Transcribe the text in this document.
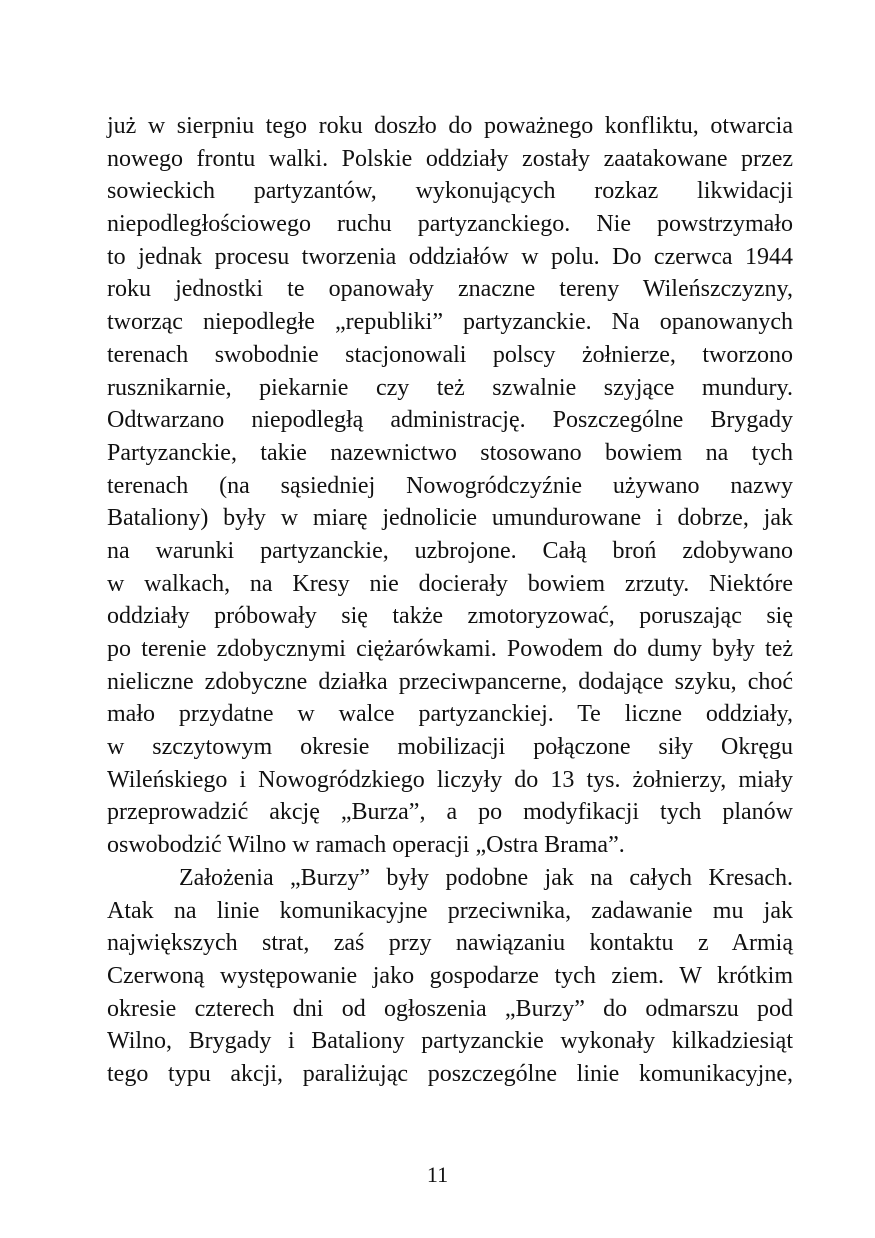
już w sierpniu tego roku doszło do poważnego konfliktu, otwarcia
nowego frontu walki. Polskie oddziały zostały zaatakowane przez
sowieckich partyzantów, wykonujących rozkaz likwidacji
niepodległościowego ruchu partyzanckiego. Nie powstrzymało
to jednak procesu tworzenia oddziałów w polu. Do czerwca 1944
roku jednostki te opanowały znaczne tereny Wileńszczyzny,
tworząc niepodległe „republiki” partyzanckie. Na opanowanych
terenach swobodnie stacjonowali polscy żołnierze, tworzono
rusznikarnie, piekarnie czy też szwalnie szyjące mundury.
Odtwarzano niepodległą administrację. Poszczególne Brygady
Partyzanckie, takie nazewnictwo stosowano bowiem na tych
terenach (na sąsiedniej Nowogródczyźnie używano nazwy
Bataliony) były w miarę jednolicie umundurowane i dobrze, jak
na warunki partyzanckie, uzbrojone. Całą broń zdobywano
w walkach, na Kresy nie docierały bowiem zrzuty. Niektóre
oddziały próbowały się także zmotoryzować, poruszając się
po terenie zdobycznymi ciężarówkami. Powodem do dumy były też
nieliczne zdobyczne działka przeciwpancerne, dodające szyku, choć
mało przydatne w walce partyzanckiej. Te liczne oddziały,
w szczytowym okresie mobilizacji połączone siły Okręgu
Wileńskiego i Nowogródzkiego liczyły do 13 tys. żołnierzy, miały
przeprowadzić akcję „Burza”, a po modyfikacji tych planów
oswobodzić Wilno w ramach operacji „Ostra Brama”.
Założenia „Burzy” były podobne jak na całych Kresach.
Atak na linie komunikacyjne przeciwnika, zadawanie mu jak
największych strat, zaś przy nawiązaniu kontaktu z Armią
Czerwoną występowanie jako gospodarze tych ziem. W krótkim
okresie czterech dni od ogłoszenia „Burzy” do odmarszu pod
Wilno, Brygady i Bataliony partyzanckie wykonały kilkadziesiąt
tego typu akcji, paraliżując poszczególne linie komunikacyjne,
11
